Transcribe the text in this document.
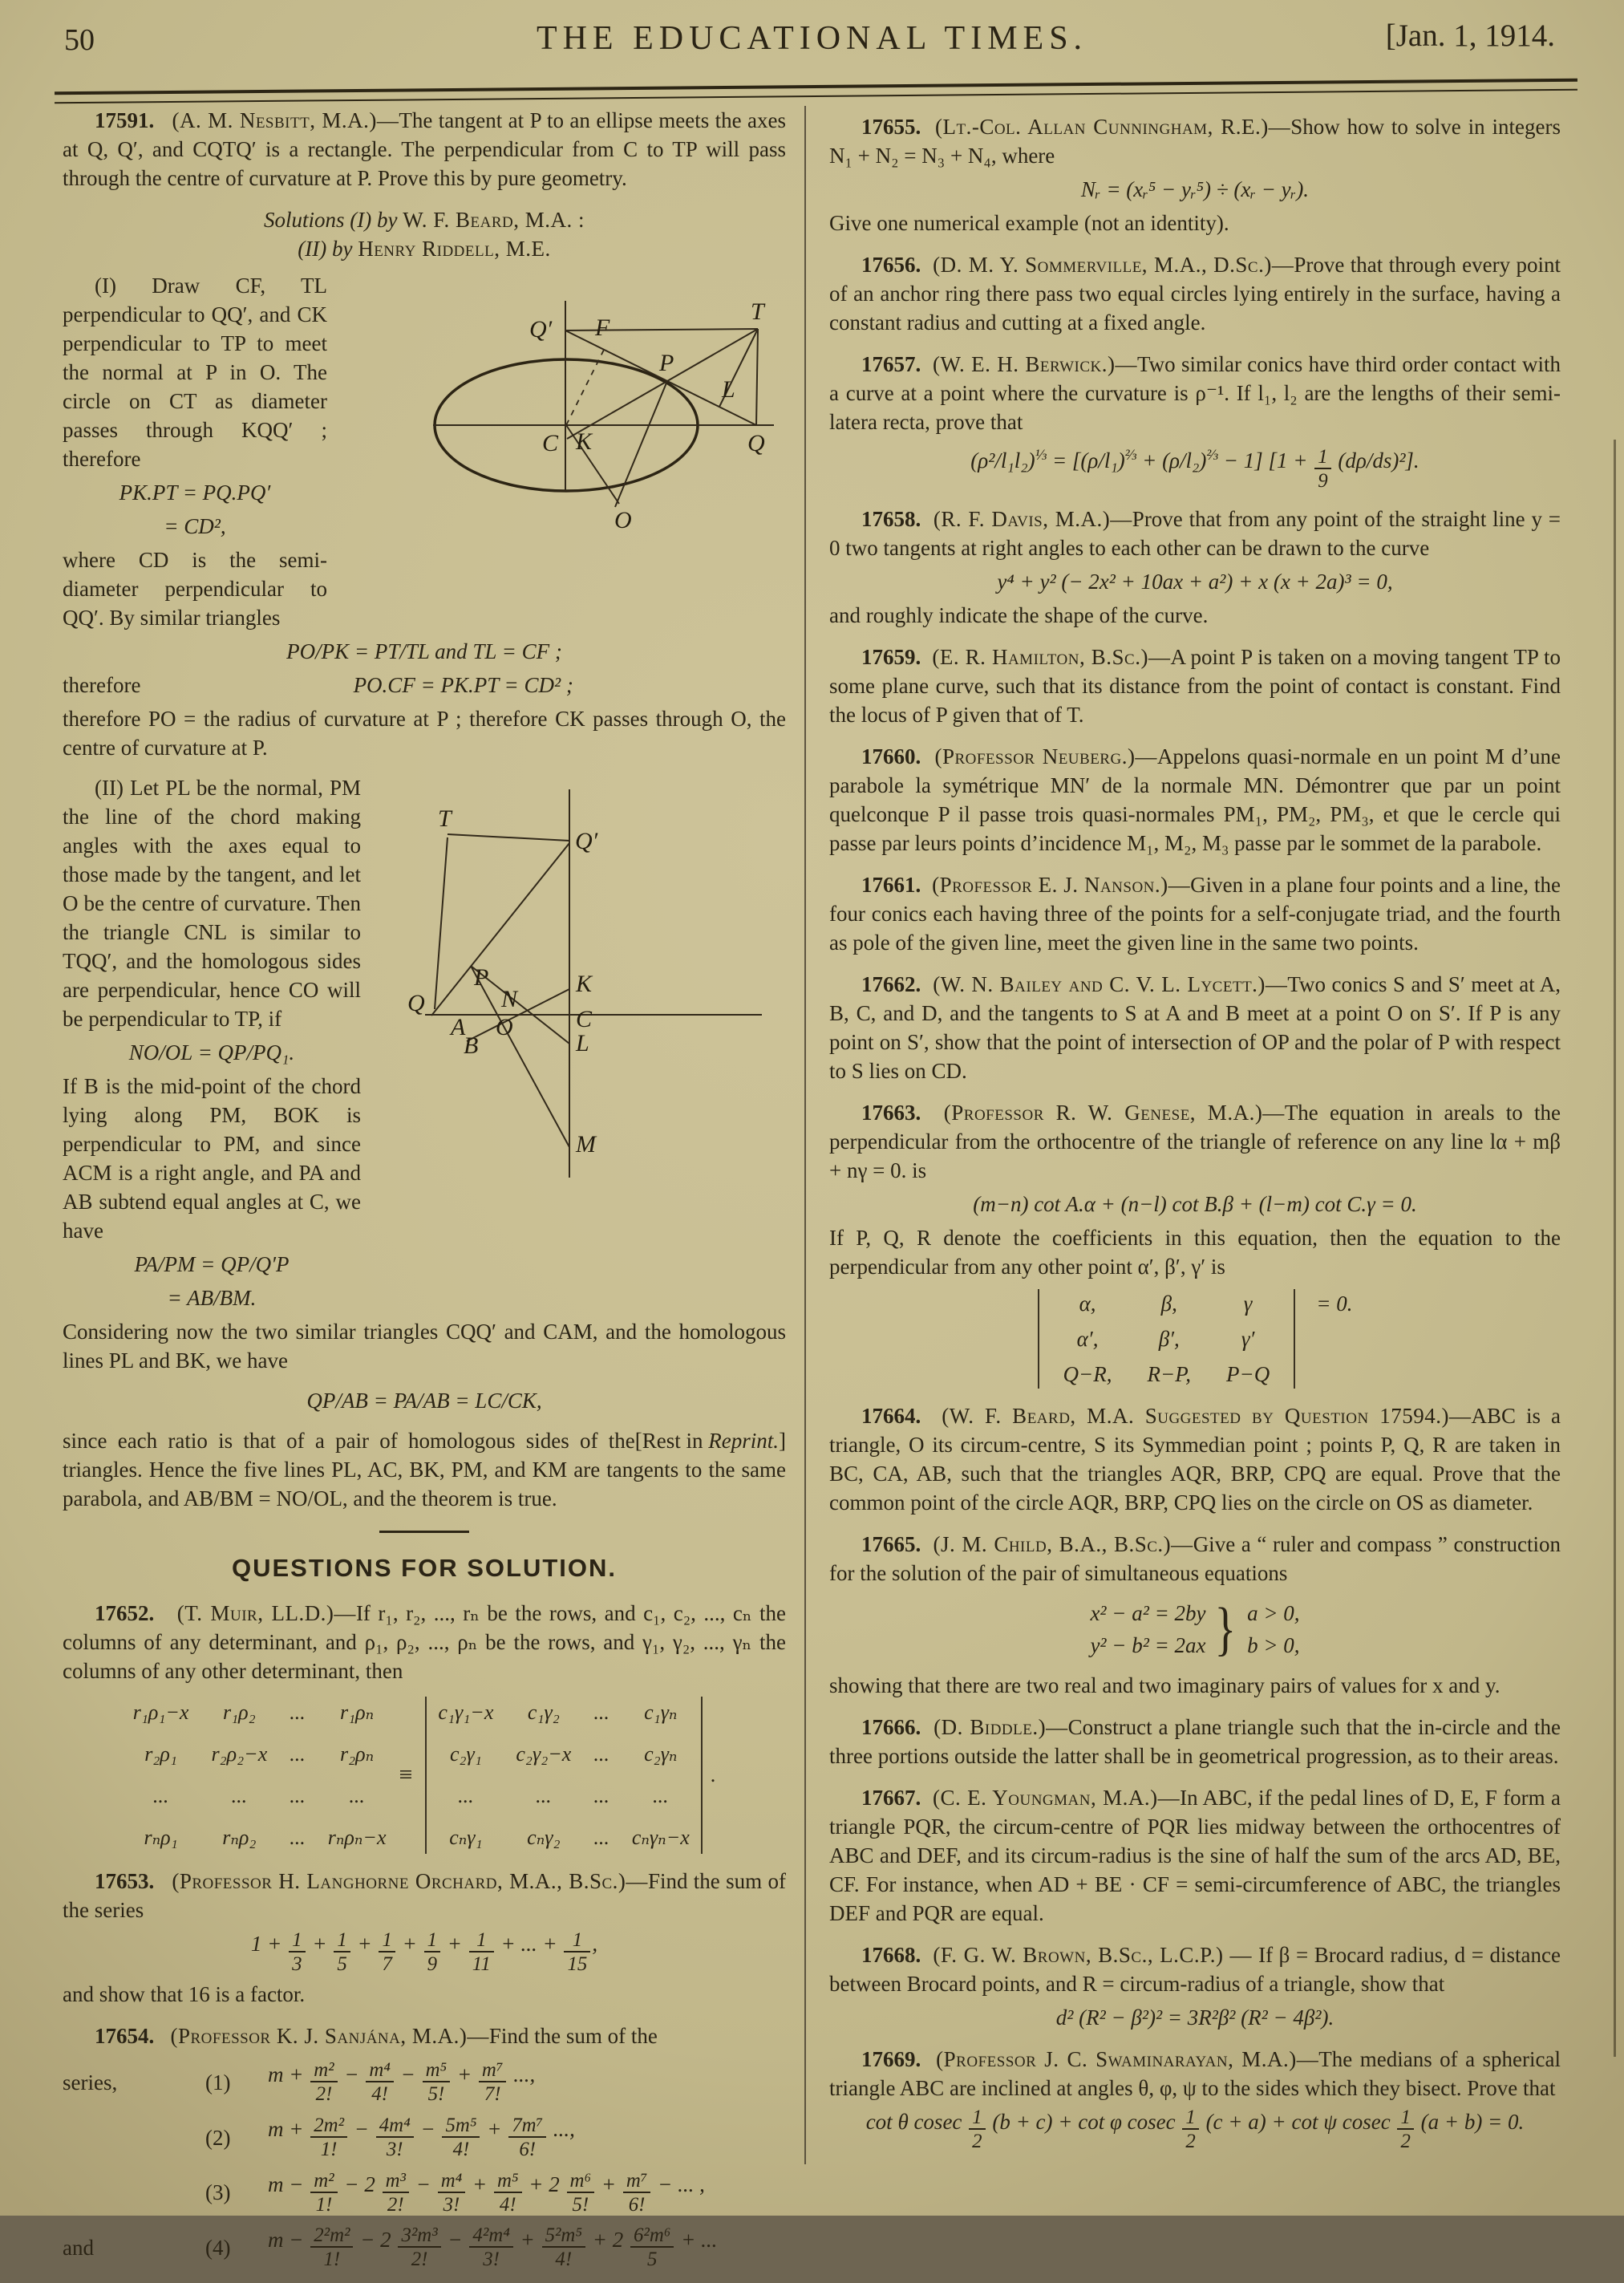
50	THE EDUCATIONAL TIMES.	[Jan. 1, 1914.

17591. (A. M. Nesbitt, M.A.)—The tangent at P to an ellipse meets the axes at Q, Q′, and CQTQ′ is a rectangle. The perpendicular from C to TP will pass through the centre of curvature at P. Prove this by pure geometry.

Solutions (I) by W. F. Beard, M.A. :
(II) by Henry Riddell, M.E.

Q′ F
T
P
L
Q
C K
O

(I) Draw CF, TL perpendicular to QQ′, and CK perpendicular to TP to meet the normal at P in O. The circle on CT as diameter passes through KQQ′ ; therefore

PK.PT = PQ.PQ′
= CD²,

where CD is the semi-diameter perpendicular to QQ′. By similar triangles

PO/PK = PT/TL and TL = CF ;
therefore	PO.CF = PK.PT = CD² ;

therefore PO = the radius of curvature at P ; therefore CK passes through O, the centre of curvature at P.

T
Q′
Q
P
N
K
A
B
O	C
L
M

(II) Let PL be the normal, PM the line of the chord making angles with the axes equal to those made by the tangent, and let O be the centre of curvature. Then the triangle CNL is similar to TQQ′, and the homologous sides are perpendicular, hence CO will be perpendicular to TP, if

NO/OL = QP/PQ₁.

If B is the mid-point of the chord lying along PM, BOK is perpendicular to PM, and since ACM is a right angle, and PA and AB subtend equal angles at C, we have

PA/PM = QP/Q′P
= AB/BM.

Considering now the two similar triangles CQQ′ and CAM, and the homologous lines PL and BK, we have

QP/AB = PA/AB = LC/CK,

[Rest in Reprint.]
since each ratio is that of a pair of homologous sides of the triangles. Hence the five lines PL, AC, BK, PM, and KM are tangents to the same parabola, and AB/BM = NO/OL, and the theorem is true.

QUESTIONS FOR SOLUTION.

17652. (T. Muir, LL.D.)—If r₁, r₂, ..., rₙ be the rows, and c₁, c₂, ..., cₙ the columns of any determinant, and ρ₁, ρ₂, ..., ρₙ be the rows, and γ₁, γ₂, ..., γₙ the columns of any other determinant, then

r₁ρ₁−x	r₁ρ₂	...	r₁ρₙ
r₂ρ₁	r₂ρ₂−x ...	r₂ρₙ
...	...	...	...
rₙρ₁	rₙρ₂	... rₙρₙ−x
≡
c₁γ₁−x	c₁γ₂	...	c₁γₙ
c₂γ₁	c₂γ₂−x ...	c₂γₙ
...	...	...	...
cₙγ₁	cₙγ₂	... cₙγₙ−x
.

17653. (Professor H. Langhorne Orchard, M.A., B.Sc.)—Find the sum of the series

$1 + \frac{1}{3} + \frac{1}{5} + \frac{1}{7} + \frac{1}{9} + \frac{1}{11}$ + ... + $\frac{1}{15}$ ,

and show that 16 is a factor.

17654. (Professor K. J. Sanjána, M.A.)—Find the sum of the

series,	(1)	$m + \frac{\text{m²}}{2!} - \frac{\text{m⁴}}{4!} - \frac{\text{m⁵}}{5!} + \frac{\text{m⁷}}{7!}$ ...,
(2)	$m + \frac{\text{2m²}}{1!} - \frac{\text{4m⁴}}{3!} - \frac{\text{5m⁵}}{4!} + \frac{\text{7m⁷}}{6!}$ ...,
(3)	$m - \frac{\text{m²}}{1!} - 2 \frac{\text{m³}}{2!} - \frac{\text{m⁴}}{3!} + \frac{\text{m⁵}}{4!} + 2 \frac{\text{m⁶}}{5!} + \frac{\text{m⁷}}{6!}$ − ... ,
and	(4)	$m - \frac{\text{2²m²}}{1!} - 2 \frac{\text{3²m³}}{2!} - \frac{\text{4²m⁴}}{3!} + \frac{\text{5²m⁵}}{4!} + 2 \frac{\text{6²m⁶}}{5}$ + ...

17655. (Lt.-Col. Allan Cunningham, R.E.)—Show how to solve in integers N₁ + N₂ = N₃ + N₄, where

Nᵣ = (xᵣ⁵ − yᵣ⁵) ÷ (xᵣ − yᵣ).

Give one numerical example (not an identity).

17656. (D. M. Y. Sommerville, M.A., D.Sc.)—Prove that through every point of an anchor ring there pass two equal circles lying entirely in the surface, having a constant radius and cutting at a fixed angle.

17657. (W. E. H. Berwick.)—Two similar conics have third order contact with a curve at a point where the curvature is ρ⁻¹. If l₁, l₂ are the lengths of their semi-latera recta, prove that

$(\rho^2/l_1l_2)^{\frac{1}{3}} = [(\rho/l_1)^{\frac{2}{3}} + (\rho/l_2)^{\frac{2}{3}} - 1] [1 + \frac{1}{9} (d\rho/ds)^2]$.

17658. (R. F. Davis, M.A.)—Prove that from any point of the straight line y = 0 two tangents at right angles to each other can be drawn to the curve

y⁴ + y² (− 2x² + 10ax + a²) + x (x + 2a)³ = 0,

and roughly indicate the shape of the curve.

17659. (E. R. Hamilton, B.Sc.)—A point P is taken on a moving tangent TP to some plane curve, such that its distance from the point of contact is constant. Find the locus of P given that of T.

17660. (Professor Neuberg.)—Appelons quasi-normale en un point M d’une parabole la symétrique MN′ de la normale MN. Démontrer que par un point quelconque P il passe trois quasi-normales PM₁, PM₂, PM₃, et que le cercle qui passe par leurs points d’incidence M₁, M₂, M₃ passe par le sommet de la parabole.

17661. (Professor E. J. Nanson.)—Given in a plane four points and a line, the four conics each having three of the points for a self-conjugate triad, and the fourth as pole of the given line, meet the given line in the same two points.

17662. (W. N. Bailey and C. V. L. Lycett.)—Two conics S and S′ meet at A, B, C, and D, and the tangents to S at A and B meet at a point O on S′. If P is any point on S′, show that the point of intersection of OP and the polar of P with respect to S lies on CD.

17663. (Professor R. W. Genese, M.A.)—The equation in areals to the perpendicular from the orthocentre of the triangle of reference on any line lα + mβ + nγ = 0. is

(m−n) cot A.α + (n−l) cot B.β + (l−m) cot C.γ = 0.

If P, Q, R denote the coefficients in this equation, then the equation to the perpendicular from any other point α′, β′, γ′ is

α,	β,	γ
α′,	β′,	γ′
Q−R, R−P, P−Q
= 0.

17664. (W. F. Beard, M.A. Suggested by Question 17594.)—ABC is a triangle, O its circum-centre, S its Symmedian point ; points P, Q, R are taken in BC, CA, AB, such that the triangles AQR, BRP, CPQ are equal. Prove that the common point of the circle AQR, BRP, CPQ lies on the circle on OS as diameter.

17665. (J. M. Child, B.A., B.Sc.)—Give a “ ruler and compass ” construction for the solution of the pair of simultaneous equations

x² − a² = 2by
y² − b² = 2ax } a > 0,
b > 0,

showing that there are two real and two imaginary pairs of values for x and y.

17666. (D. Biddle.)—Construct a plane triangle such that the in-circle and the three portions outside the latter shall be in geometrical progression, as to their areas.

17667. (C. E. Youngman, M.A.)—In ABC, if the pedal lines of D, E, F form a triangle PQR, the circum-centre of PQR lies midway between the orthocentres of ABC and DEF, and its circum-radius is the sine of half the sum of the arcs AD, BE, CF. For instance, when AD + BE · CF = semi-circumference of ABC, the triangles DEF and PQR are equal.

17668. (F. G. W. Brown, B.Sc., L.C.P.) — If β = Brocard radius, d = distance between Brocard points, and R = circum-radius of a triangle, show that

d² (R² − β²)² = 3R²β² (R² − 4β²).

17669. (Professor J. C. Swaminarayan, M.A.)—The medians of a spherical triangle ABC are inclined at angles θ, φ, ψ to the sides which they bisect. Prove that

cot θ cosec $\frac{1}{2} (b + c) + \cot \varphi$ cosec $\frac{1}{2} (c + a) + \cot \psi$ cosec $\frac{1}{2} (a + b) = 0$.
